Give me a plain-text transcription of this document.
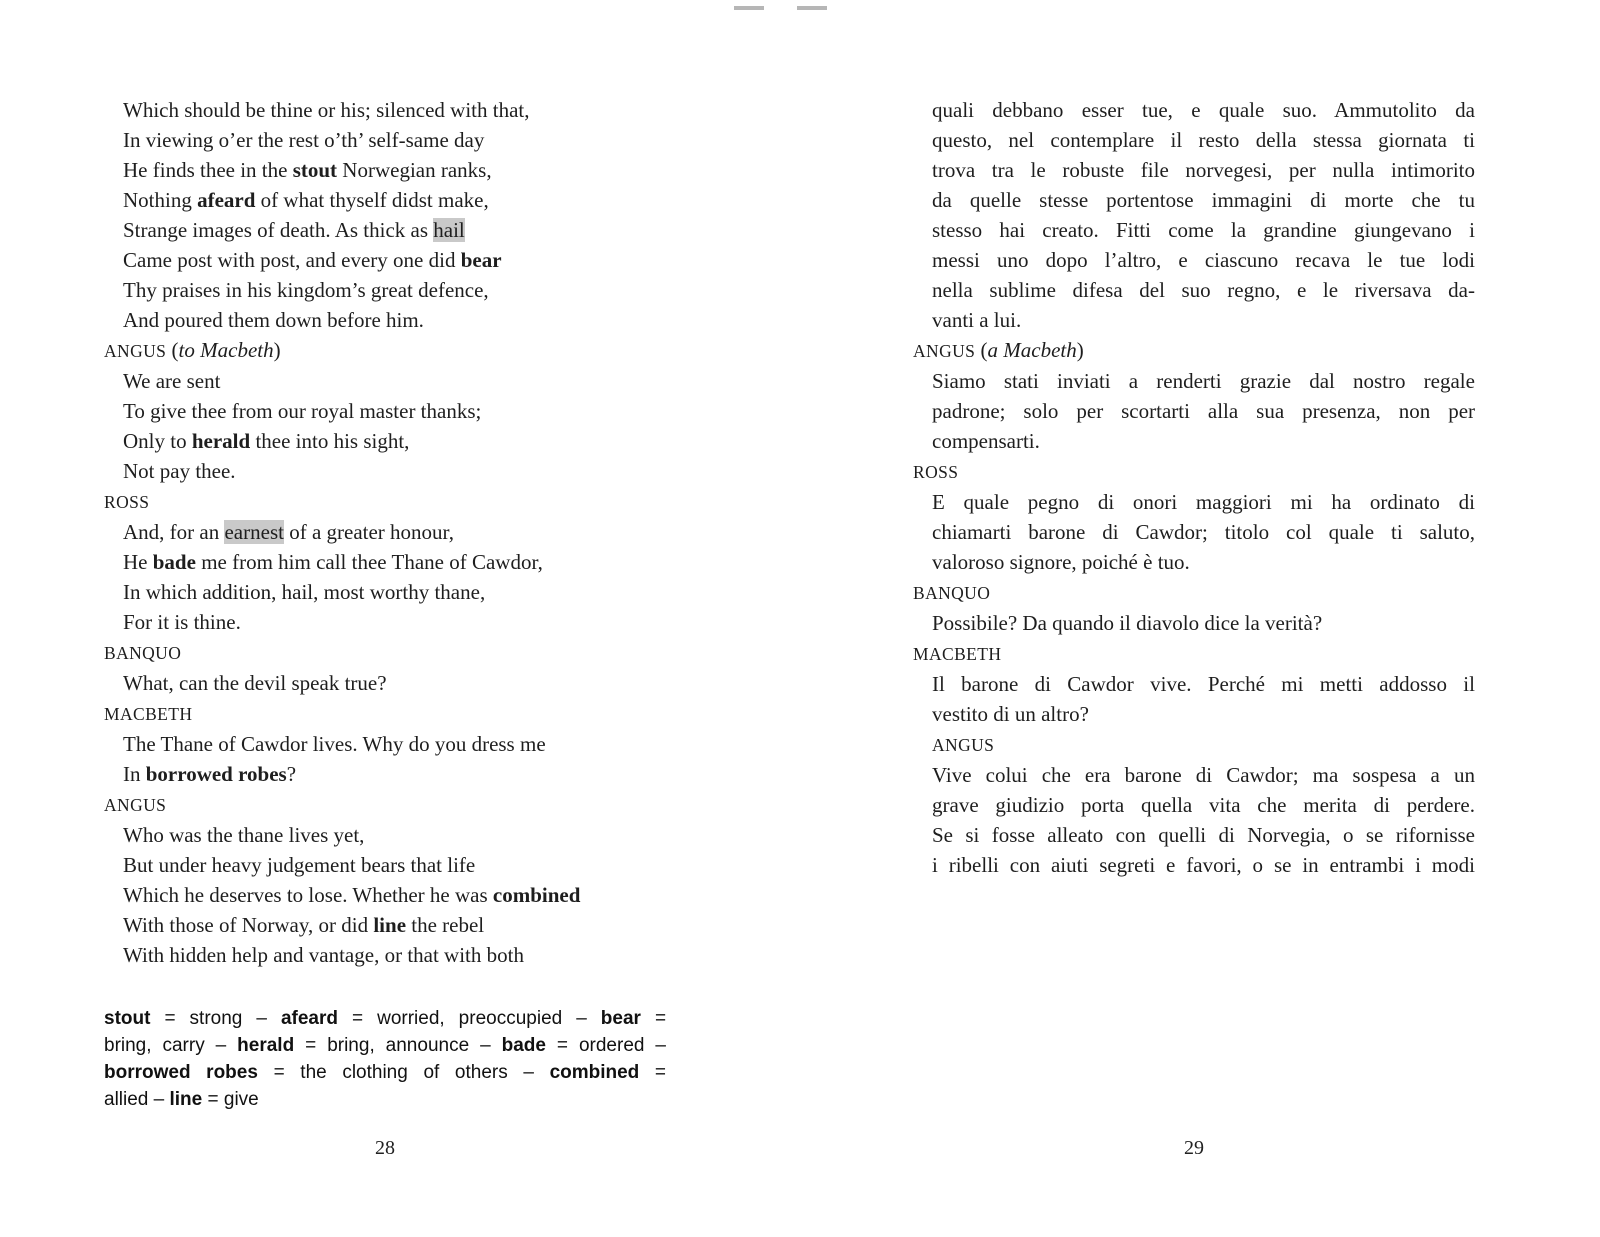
Which should be thine or his; silenced with that,
In viewing o’er the rest o’th’ self-same day
He finds thee in the stout Norwegian ranks,
Nothing afeard of what thyself didst make,
Strange images of death. As thick as hail
Came post with post, and every one did bear
Thy praises in his kingdom’s great defence,
And poured them down before him.
ANGUS (to Macbeth)
We are sent
To give thee from our royal master thanks;
Only to herald thee into his sight,
Not pay thee.
ROSS
And, for an earnest of a greater honour,
He bade me from him call thee Thane of Cawdor,
In which addition, hail, most worthy thane,
For it is thine.
BANQUO
What, can the devil speak true?
MACBETH
The Thane of Cawdor lives. Why do you dress me
In borrowed robes?
ANGUS
Who was the thane lives yet,
But under heavy judgement bears that life
Which he deserves to lose. Whether he was combined
With those of Norway, or did line the rebel
With hidden help and vantage, or that with both
stout = strong – afeard = worried, preoccupied – bear =
bring, carry – herald = bring, announce – bade = ordered –
borrowed robes = the clothing of others – combined =
allied – line = give
quali debbano esser tue, e quale suo. Ammutolito da
questo, nel contemplare il resto della stessa giornata ti
trova tra le robuste file norvegesi, per nulla intimorito
da quelle stesse portentose immagini di morte che tu
stesso hai creato. Fitti come la grandine giungevano i
messi uno dopo l’altro, e ciascuno recava le tue lodi
nella sublime difesa del suo regno, e le riversava da-
vanti a lui.
ANGUS (a Macbeth)
Siamo stati inviati a renderti grazie dal nostro regale
padrone; solo per scortarti alla sua presenza, non per
compensarti.
ROSS
E quale pegno di onori maggiori mi ha ordinato di
chiamarti barone di Cawdor; titolo col quale ti saluto,
valoroso signore, poiché è tuo.
BANQUO
Possibile? Da quando il diavolo dice la verità?
MACBETH
Il barone di Cawdor vive. Perché mi metti addosso il
vestito di un altro?
ANGUS
Vive colui che era barone di Cawdor; ma sospesa a un
grave giudizio porta quella vita che merita di perdere.
Se si fosse alleato con quelli di Norvegia, o se rifornisse
i ribelli con aiuti segreti e favori, o se in entrambi i modi
28	29
